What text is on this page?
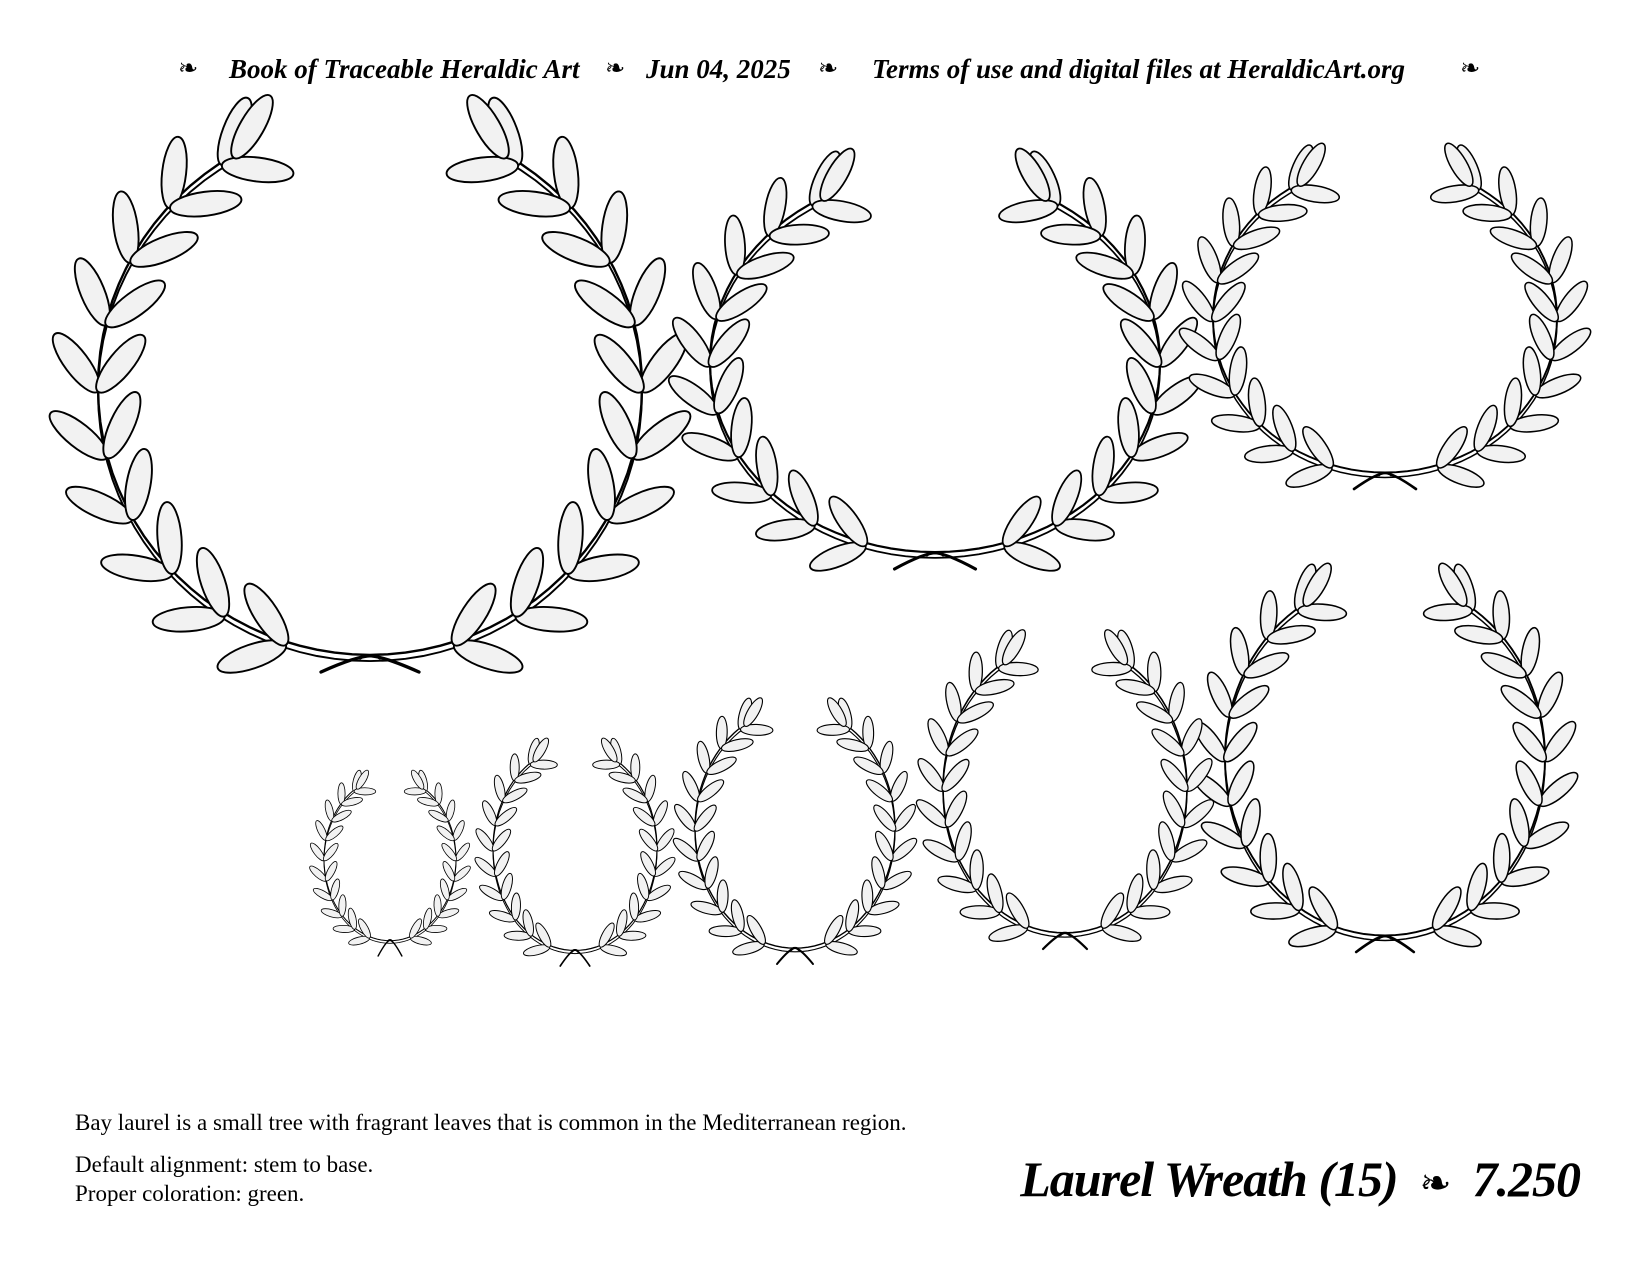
❧ Book of Traceable Heraldic Art ❧ Jun 04, 2025 ❧ Terms of use and digital files at HeraldicArt.org ❧
Bay laurel is a small tree with fragrant leaves that is common in the Mediterranean region.
Default alignment: stem to base.
Proper coloration: green.	Laurel Wreath (15) ❧ 7.250
